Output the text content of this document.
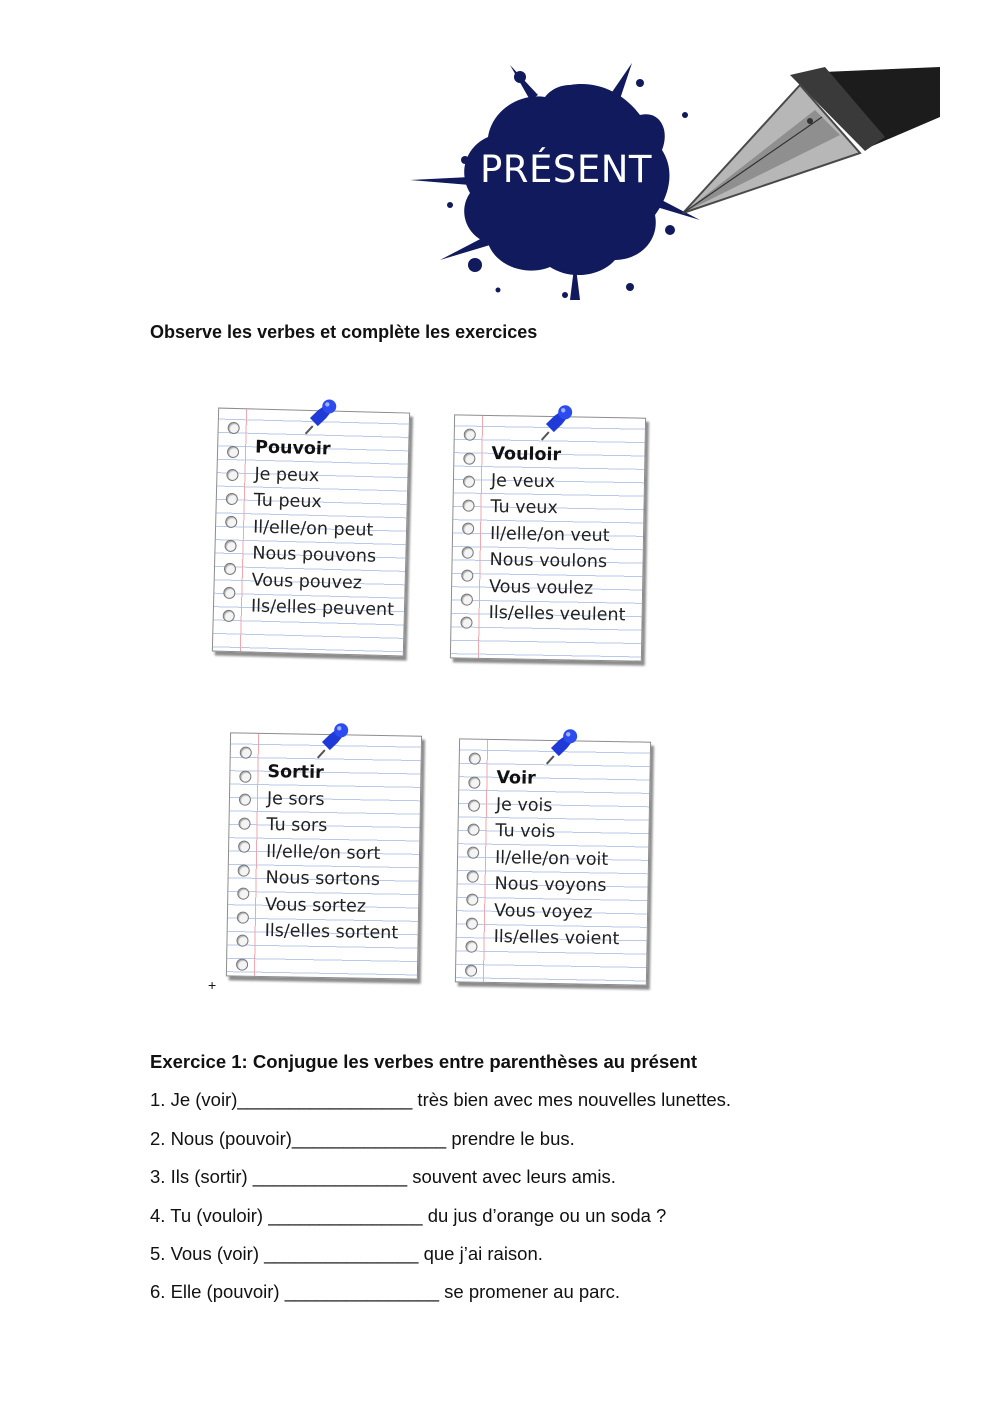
PRÉSENT
Observe les verbes et complète les exercices
Pouvoir
Je peux
Tu peux
Il/elle/on peut
Nous pouvons
Vous pouvez
Ils/elles peuvent
Vouloir
Je veux
Tu veux
Il/elle/on veut
Nous voulons
Vous voulez
Ils/elles veulent
Sortir
Je sors
Tu sors
Il/elle/on sort
Nous sortons
Vous sortez
Ils/elles sortent
Voir
Je vois
Tu vois
Il/elle/on voit
Nous voyons
Vous voyez
Ils/elles voient
+
Exercice 1: Conjugue les verbes entre parenthèses au présent
1. Je (voir)_________________ très bien avec mes nouvelles lunettes.
2. Nous (pouvoir)_______________ prendre le bus.
3. Ils (sortir) _______________ souvent avec leurs amis.
4. Tu (vouloir) _______________ du jus d’orange ou un soda ?
5. Vous (voir) _______________ que j’ai raison.
6. Elle (pouvoir) _______________ se promener au parc.
